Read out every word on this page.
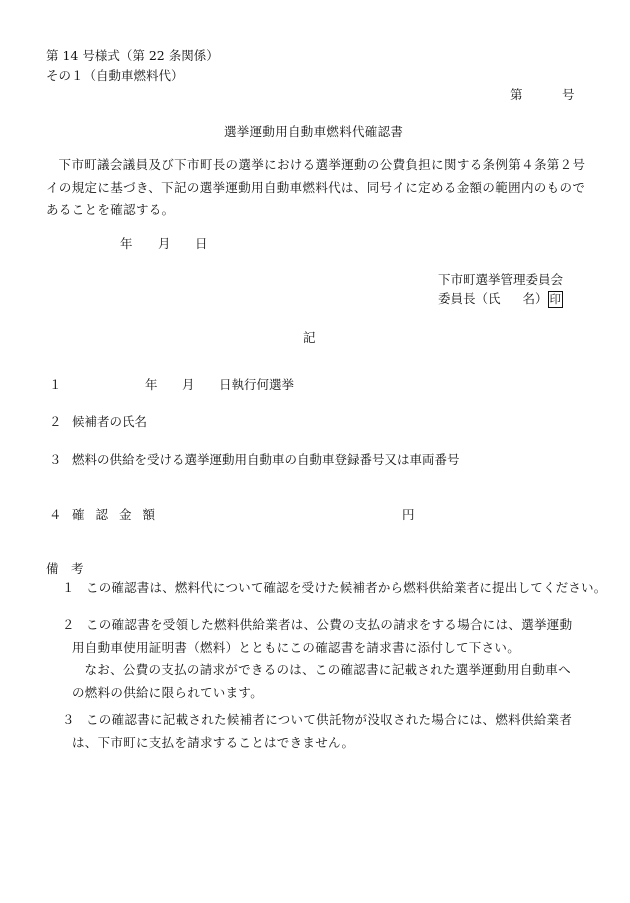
第 14 号様式（第 22 条関係）
その１（自動車燃料代）
第	号
選挙運動用自動車燃料代確認書
下市町議会議員及び下市町長の選挙における選挙運動の公費負担に関する条例第４条第２号イの規定に基づき、下記の選挙運動用自動車燃料代は、同号イに定める金額の範囲内のものであることを確認する。
年 月 日
下市町選挙管理委員会
委員長（氏 名） 印
記
１	年 月 日執行何選挙
２ 候補者の氏名
３ 燃料の供給を受ける選挙運動用自動車の自動車登録番号又は車両番号
４ 確認金額	円
備　考
１ この確認書は、燃料代について確認を受けた候補者から燃料供給業者に提出してください。
２ この確認書を受領した燃料供給業者は、公費の支払の請求をする場合には、選挙運動用自動車使用証明書（燃料）とともにこの確認書を請求書に添付して下さい。
なお、公費の支払の請求ができるのは、この確認書に記載された選挙運動用自動車への燃料の供給に限られています。
３ この確認書に記載された候補者について供託物が没収された場合には、燃料供給業者は、下市町に支払を請求することはできません。
